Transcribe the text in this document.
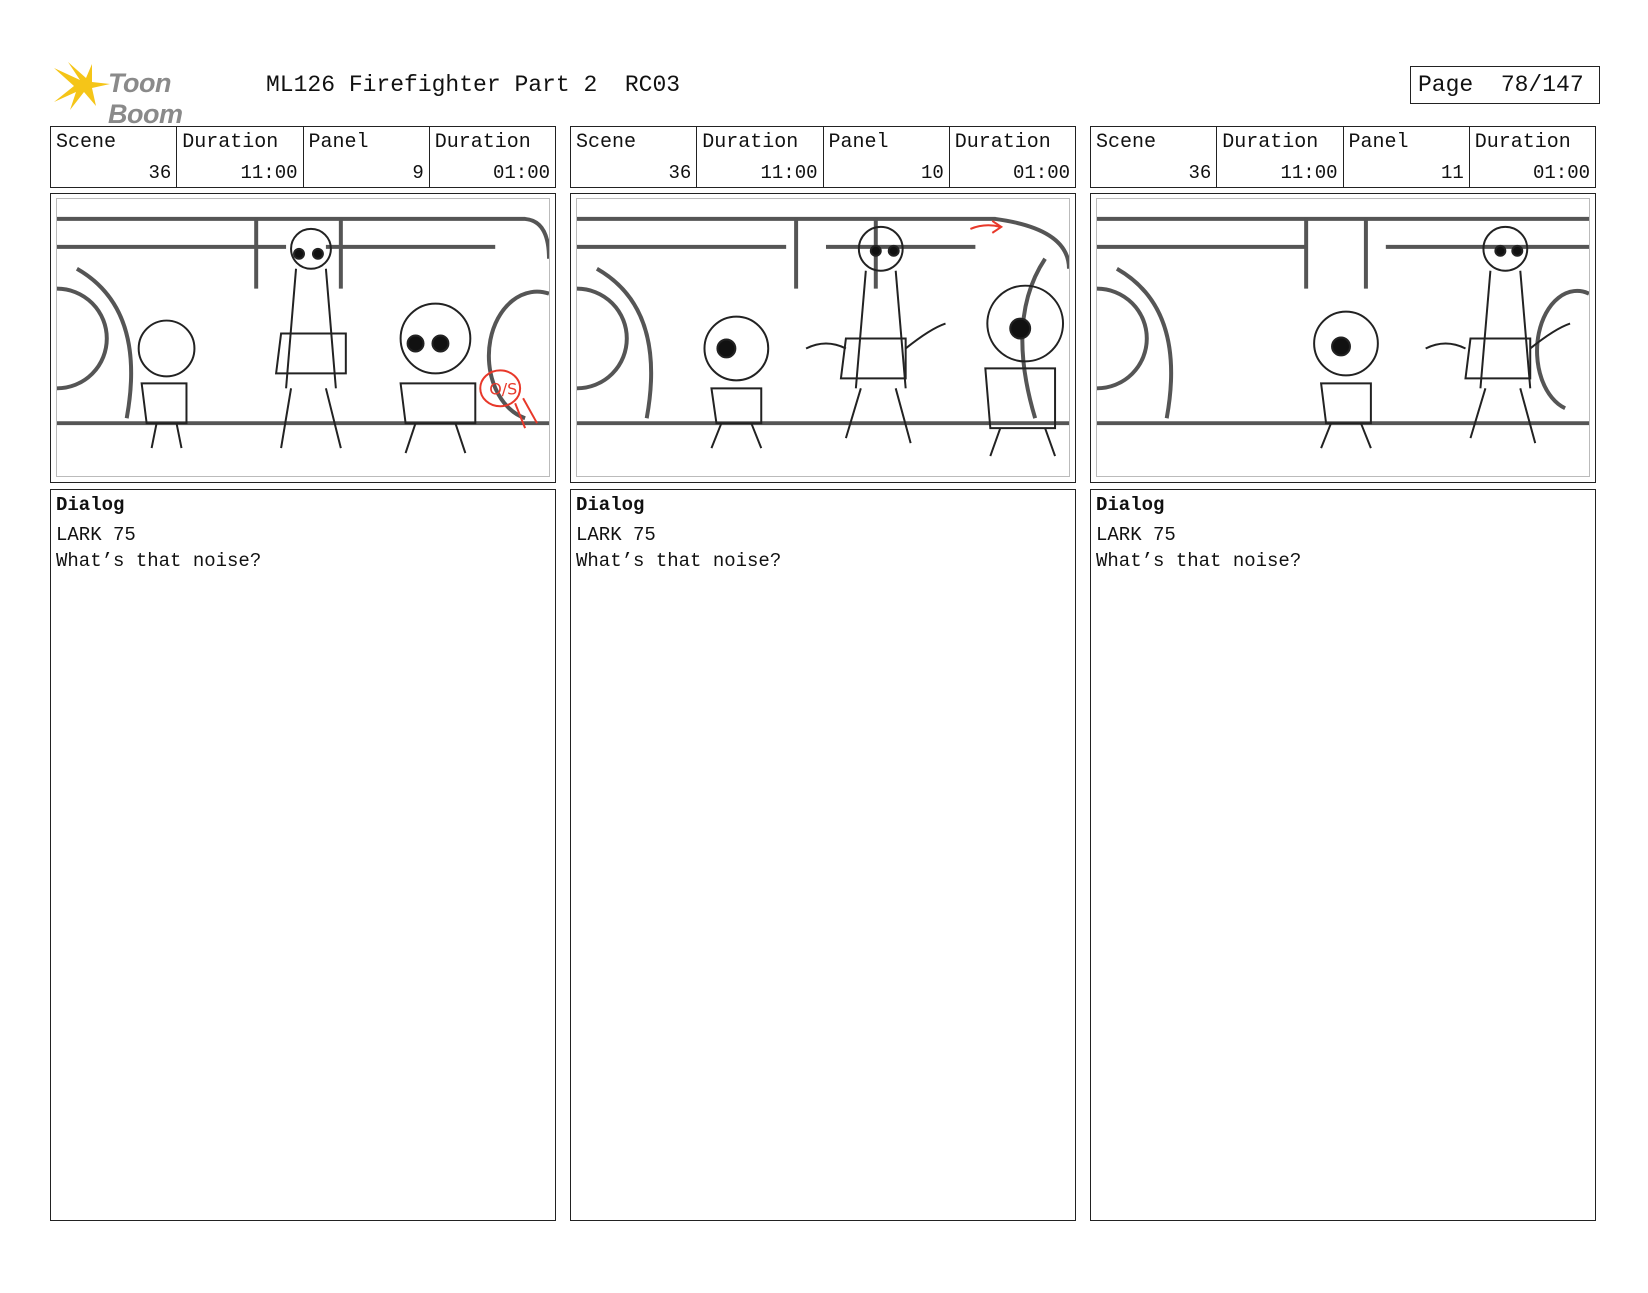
Toon Boom
ML126 Firefighter Part 2  RC03	Page  78/147
Scene
36
Duration
11:00
Panel
9
Duration
01:00
O/S
Dialog
LARK 75
What’s that noise?
Scene
36
Duration
11:00
Panel
10
Duration
01:00
Dialog
LARK 75
What’s that noise?
Scene
36
Duration
11:00
Panel
11
Duration
01:00
Dialog
LARK 75
What’s that noise?
